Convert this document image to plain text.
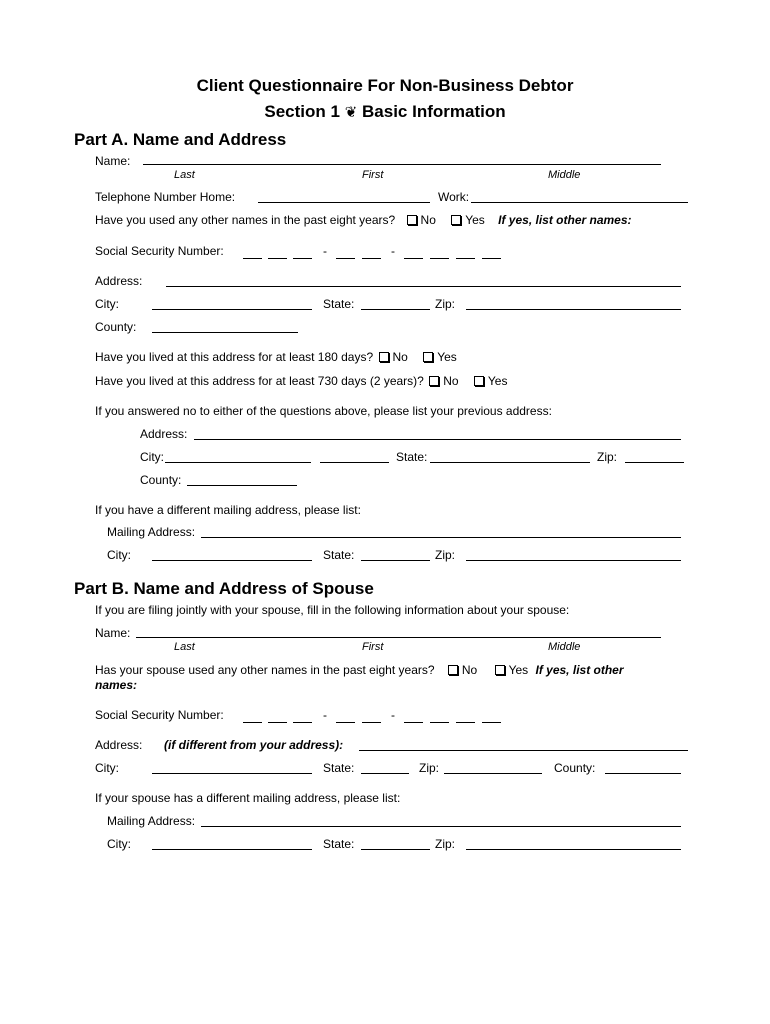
Client Questionnaire For Non-Business Debtor
Section 1 ❦ Basic Information
Part A. Name and Address
Name:
Last	First	Middle
Telephone Number Home:	Work:
Have you used any other names in the past eight years? No Yes If yes, list other names:
Social Security Number:	-	-
Address:
City:	State:	Zip:
County:
Have you lived at this address for at least 180 days? No Yes
Have you lived at this address for at least 730 days (2 years)? No Yes
If you answered no to either of the questions above, please list your previous address:
Address:
City:	State:	Zip:
County:
If you have a different mailing address, please list:
Mailing Address:
City:	State:	Zip:
Part B. Name and Address of Spouse
If you are filing jointly with your spouse, fill in the following information about your spouse:
Name:
Last	First	Middle
Has your spouse used any other names in the past eight years? No	Yes If yes, list other
names:
Social Security Number:	-	-
Address: (if different from your address):
City:	State:	Zip:	County:
If your spouse has a different mailing address, please list:
Mailing Address:
City:	State:	Zip:
